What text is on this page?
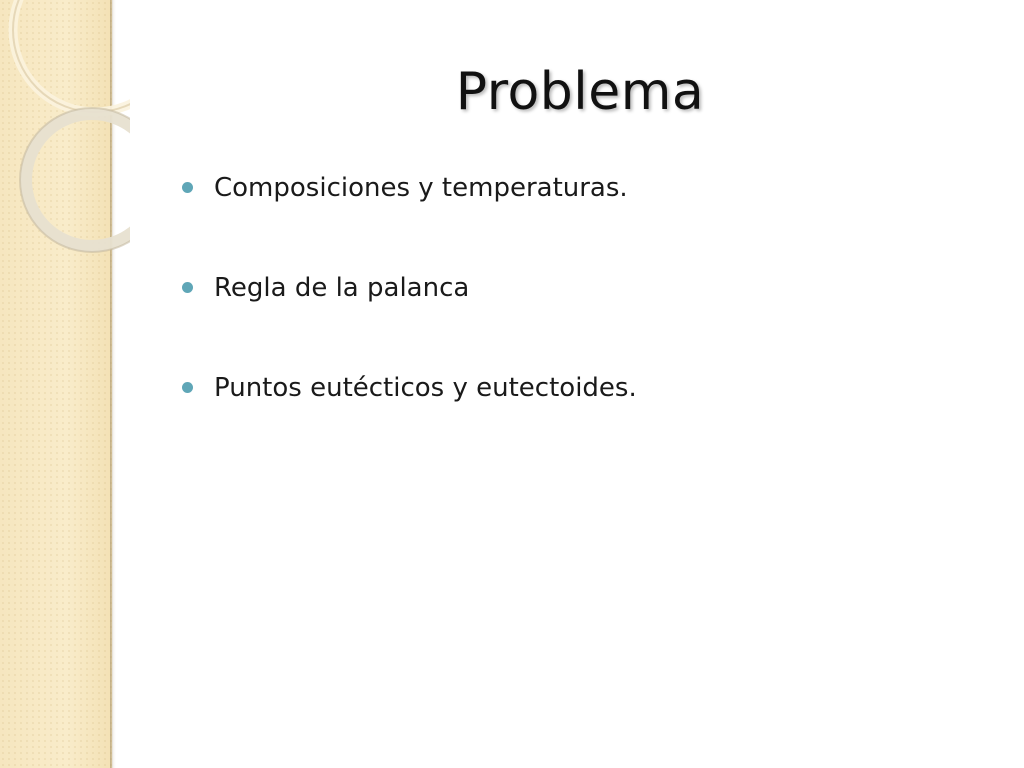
Problema
Composiciones y temperaturas.
Regla de la palanca
Puntos eutécticos y eutectoides.
